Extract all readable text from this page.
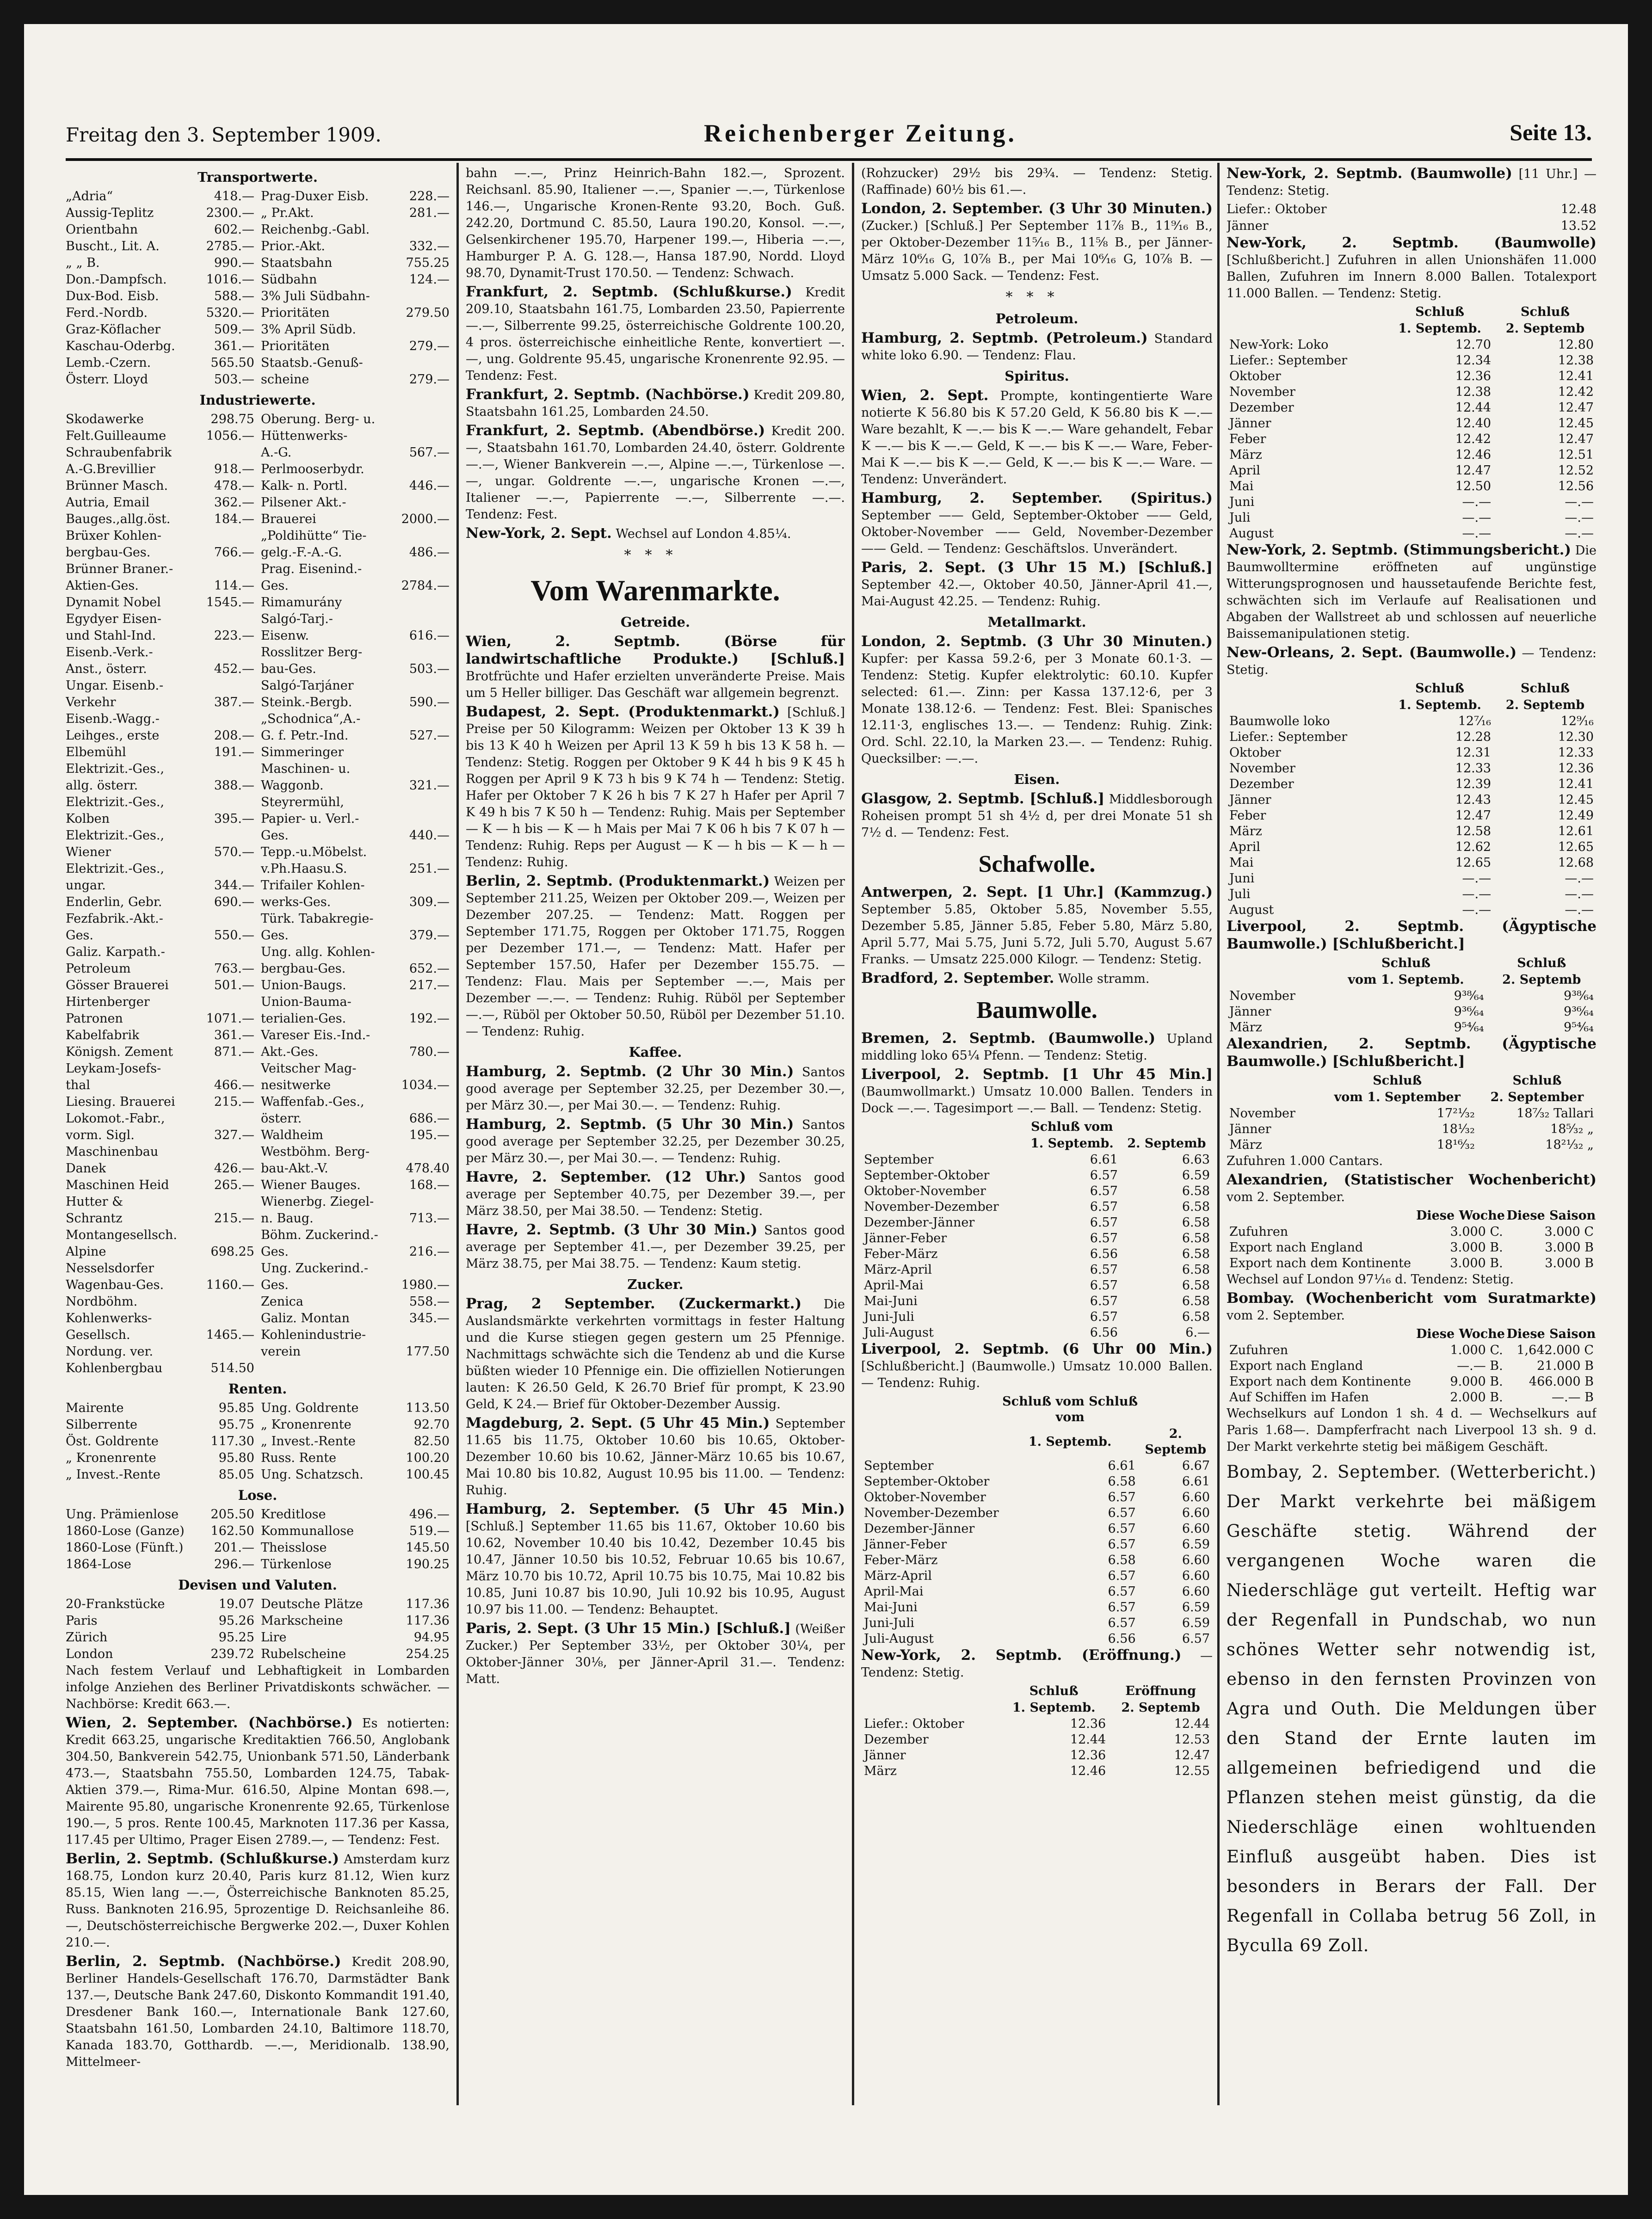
Freitag den 3. September 1909.	Reichenberger Zeitung.	Seite 13.
Transportwerte.
„Adria“	418.—
Aussig-Teplitz	2300.—
Orientbahn	602.—
Buscht., Lit. A.	2785.—
„ „ B.	990.—
Don.-Dampfsch.	1016.—
Dux-Bod. Eisb.	588.—
Ferd.-Nordb.	5320.—
Graz-Köflacher	509.—
Kaschau-Oderbg.	361.—
Lemb.-Czern.	565.50
Österr. Lloyd	503.—
Prag-Duxer Eisb.	228.—
„ Pr.Akt.	281.—
Reichenbg.-Gabl.
Prior.-Akt.	332.—
Staatsbahn	755.25
Südbahn	124.—
3% Juli Südbahn-
Prioritäten	279.50
3% April Südb.
Prioritäten	279.—
Staatsb.-Genuß-
scheine	279.—
Industriewerte.
Skodawerke	298.75
Felt.Guilleaume	1056.—
Schraubenfabrik
A.-G.Brevillier	918.—
Brünner Masch.	478.—
Autria, Email	362.—
Bauges.,allg.öst.	184.—
Brüxer Kohlen-
bergbau-Ges.	766.—
Brünner Braner.-
Aktien-Ges.	114.—
Dynamit Nobel	1545.—
Egydyer Eisen-
und Stahl-Ind.	223.—
Eisenb.-Verk.-
Anst., österr.	452.—
Ungar. Eisenb.-
Verkehr	387.—
Eisenb.-Wagg.-
Leihges., erste	208.—
Elbemühl	191.—
Elektrizit.-Ges.,
allg. österr.	388.—
Elektrizit.-Ges.,
Kolben	395.—
Elektrizit.-Ges.,
Wiener	570.—
Elektrizit.-Ges.,
ungar.	344.—
Enderlin, Gebr.	690.—
Fezfabrik.-Akt.-
Ges.	550.—
Galiz. Karpath.-
Petroleum	763.—
Gösser Brauerei	501.—
Hirtenberger
Patronen	1071.—
Kabelfabrik	361.—
Königsh. Zement	871.—
Leykam-Josefs-
thal	466.—
Liesing. Brauerei	215.—
Lokomot.-Fabr.,
vorm. Sigl.	327.—
Maschinenbau
Danek	426.—
Maschinen Heid	265.—
Hutter &
Schrantz	215.—
Montangesellsch.
Alpine	698.25
Nesselsdorfer
Wagenbau-Ges.	1160.—
Nordböhm.
Kohlenwerks-
Gesellsch.	1465.—
Nordung. ver.
Kohlenbergbau	514.50
Oberung. Berg- u.
Hüttenwerks-
A.-G.	567.—
Perlmooserbydr.
Kalk- n. Portl.	446.—
Pilsener Akt.-
Brauerei	2000.—
„Poldihütte“ Tie-
gelg.-F.-A.-G.	486.—
Prag. Eisenind.-
Ges.	2784.—
Rimamurány
Salgó-Tarj.-
Eisenw.	616.—
Rosslitzer Berg-
bau-Ges.	503.—
Salgó-Tarjáner
Steink.-Bergb.	590.—
„Schodnica“,A.-
G. f. Petr.-Ind.	527.—
Simmeringer
Maschinen- u.
Waggonb.	321.—
Steyrermühl,
Papier- u. Verl.-
Ges.	440.—
Tepp.-u.Möbelst.
v.Ph.Haasu.S.	251.—
Trifailer Kohlen-
werks-Ges.	309.—
Türk. Tabakregie-
Ges.	379.—
Ung. allg. Kohlen-
bergbau-Ges.	652.—
Union-Baugs.	217.—
Union-Bauma-
terialien-Ges.	192.—
Vareser Eis.-Ind.-
Akt.-Ges.	780.—
Veitscher Mag-
nesitwerke	1034.—
Waffenfab.-Ges.,
österr.	686.—
Waldheim	195.—
Westböhm. Berg-
bau-Akt.-V.	478.40
Wiener Bauges.	168.—
Wienerbg. Ziegel-
n. Baug.	713.—
Böhm. Zuckerind.-
Ges.	216.—
Ung. Zuckerind.-
Ges.	1980.—
Zenica	558.—
Galiz. Montan	345.—
Kohlenindustrie-
verein	177.50
Renten.
Mairente	95.85
Silberrente	95.75
Öst. Goldrente	117.30
„ Kronenrente	95.80
„ Invest.-Rente	85.05
Ung. Goldrente	113.50
„ Kronenrente	92.70
„ Invest.-Rente	82.50
Russ. Rente	100.20
Ung. Schatzsch.	100.45
Lose.
Ung. Prämienlose	205.50
1860-Lose (Ganze) 162.50
1860-Lose (Fünft.) 201.—
1864-Lose	296.—
Kreditlose	496.—
Kommunallose	519.—
Theisslose	145.50
Türkenlose	190.25
Devisen und Valuten.
20-Frankstücke	19.07
Paris	95.26
Zürich	95.25
London	239.72
Deutsche Plätze	117.36
Markscheine	117.36
Lire	94.95
Rubelscheine	254.25

Nach festem Verlauf und Lebhaftigkeit in Lombarden infolge Anziehen des Berliner Privatdiskonts schwächer. — Nachbörse: Kredit 663.—.

Wien, 2. September. (Nachbörse.) Es notierten: Kredit 663.25, ungarische Kreditaktien 766.50, Anglobank 304.50, Bankverein 542.75, Unionbank 571.50, Länderbank 473.—, Staatsbahn 755.50, Lombarden 124.75, Tabak-Aktien 379.—, Rima-Mur. 616.50, Alpine Montan 698.—, Mairente 95.80, ungarische Kronenrente 92.65, Türkenlose 190.—, 5 pros. Rente 100.45, Marknoten 117.36 per Kassa, 117.45 per Ultimo, Prager Eisen 2789.—, — Tendenz: Fest.

Berlin, 2. Septmb. (Schlußkurse.) Amsterdam kurz 168.75, London kurz 20.40, Paris kurz 81.12, Wien kurz 85.15, Wien lang —.—, Österreichische Banknoten 85.25, Russ. Banknoten 216.95, 5prozentige D. Reichsanleihe 86.—, Deutschösterreichische Bergwerke 202.—, Duxer Kohlen 210.—.

Berlin, 2. Septmb. (Nachbörse.) Kredit 208.90, Berliner Handels-Gesellschaft 176.70, Darmstädter Bank 137.—, Deutsche Bank 247.60, Diskonto Kommandit 191.40, Dresdener Bank 160.—, Internationale Bank 127.60, Staatsbahn 161.50, Lombarden 24.10, Baltimore 118.70, Kanada 183.70, Gotthardb. —.—, Meridionalb. 138.90, Mittelmeer-

bahn —.—, Prinz Heinrich-Bahn 182.—, Sprozent. Reichsanl. 85.90, Italiener —.—, Spanier —.—, Türkenlose 146.—, Ungarische Kronen-Rente 93.20, Boch. Guß. 242.20, Dortmund C. 85.50, Laura 190.20, Konsol. —.—, Gelsenkirchener 195.70, Harpener 199.—, Hiberia —.—, Hamburger P. A. G. 128.—, Hansa 187.90, Nordd. Lloyd 98.70, Dynamit-Trust 170.50. — Tendenz: Schwach.

Frankfurt, 2. Septmb. (Schlußkurse.) Kredit 209.10, Staatsbahn 161.75, Lombarden 23.50, Papierrente —.—, Silberrente 99.25, österreichische Goldrente 100.20, 4 pros. österreichische einheitliche Rente, konvertiert —.—, ung. Goldrente 95.45, ungarische Kronenrente 92.95. — Tendenz: Fest.

Frankfurt, 2. Septmb. (Nachbörse.) Kredit 209.80, Staatsbahn 161.25, Lombarden 24.50.

Frankfurt, 2. Septmb. (Abendbörse.) Kredit 200.—, Staatsbahn 161.70, Lombarden 24.40, österr. Goldrente —.—, Wiener Bankverein —.—, Alpine —.—, Türkenlose —.—, ungar. Goldrente —.—, ungarische Kronen —.—, Italiener —.—, Papierrente —.—, Silberrente —.—. Tendenz: Fest.

New-York, 2. Sept. Wechsel auf London 4.85¼.

***
Vom Warenmarkte.
Getreide.

Wien, 2. Septmb. (Börse für landwirtschaftliche Produkte.) [Schluß.] Brotfrüchte und Hafer erzielten unveränderte Preise. Mais um 5 Heller billiger. Das Geschäft war allgemein begrenzt.

Budapest, 2. Sept. (Produktenmarkt.) [Schluß.] Preise per 50 Kilogramm: Weizen per Oktober 13 K 39 h bis 13 K 40 h Weizen per April 13 K 59 h bis 13 K 58 h. — Tendenz: Stetig. Roggen per Oktober 9 K 44 h bis 9 K 45 h Roggen per April 9 K 73 h bis 9 K 74 h — Tendenz: Stetig. Hafer per Oktober 7 K 26 h bis 7 K 27 h Hafer per April 7 K 49 h bis 7 K 50 h — Tendenz: Ruhig. Mais per September — K — h bis — K — h Mais per Mai 7 K 06 h bis 7 K 07 h — Tendenz: Ruhig. Reps per August — K — h bis — K — h — Tendenz: Ruhig.

Berlin, 2. Septmb. (Produktenmarkt.) Weizen per September 211.25, Weizen per Oktober 209.—, Weizen per Dezember 207.25. — Tendenz: Matt. Roggen per September 171.75, Roggen per Oktober 171.75, Roggen per Dezember 171.—, — Tendenz: Matt. Hafer per September 157.50, Hafer per Dezember 155.75. — Tendenz: Flau. Mais per September —.—, Mais per Dezember —.—. — Tendenz: Ruhig. Rüböl per September —.—, Rüböl per Oktober 50.50, Rüböl per Dezember 51.10. — Tendenz: Ruhig.

Kaffee.

Hamburg, 2. Septmb. (2 Uhr 30 Min.) Santos good average per September 32.25, per Dezember 30.—, per März 30.—, per Mai 30.—. — Tendenz: Ruhig.

Hamburg, 2. Septmb. (5 Uhr 30 Min.) Santos good average per September 32.25, per Dezember 30.25, per März 30.—, per Mai 30.—. — Tendenz: Ruhig.

Havre, 2. September. (12 Uhr.) Santos good average per September 40.75, per Dezember 39.—, per März 38.50, per Mai 38.50. — Tendenz: Stetig.

Havre, 2. Septmb. (3 Uhr 30 Min.) Santos good average per September 41.—, per Dezember 39.25, per März 38.75, per Mai 38.75. — Tendenz: Kaum stetig.

Zucker.

Prag, 2 September. (Zuckermarkt.) Die Auslandsmärkte verkehrten vormittags in fester Haltung und die Kurse stiegen gegen gestern um 25 Pfennige. Nachmittags schwächte sich die Tendenz ab und die Kurse büßten wieder 10 Pfennige ein. Die offiziellen Notierungen lauten: K 26.50 Geld, K 26.70 Brief für prompt, K 23.90 Geld, K 24.— Brief für Oktober-Dezember Aussig.

Magdeburg, 2. Sept. (5 Uhr 45 Min.) September 11.65 bis 11.75, Oktober 10.60 bis 10.65, Oktober-Dezember 10.60 bis 10.62, Jänner-März 10.65 bis 10.67, Mai 10.80 bis 10.82, August 10.95 bis 11.00. — Tendenz: Ruhig.

Hamburg, 2. September. (5 Uhr 45 Min.) [Schluß.] September 11.65 bis 11.67, Oktober 10.60 bis 10.62, November 10.40 bis 10.42, Dezember 10.45 bis 10.47, Jänner 10.50 bis 10.52, Februar 10.65 bis 10.67, März 10.70 bis 10.72, April 10.75 bis 10.75, Mai 10.82 bis 10.85, Juni 10.87 bis 10.90, Juli 10.92 bis 10.95, August 10.97 bis 11.00. — Tendenz: Behauptet.

Paris, 2. Sept. (3 Uhr 15 Min.) [Schluß.] (Weißer Zucker.) Per September 33½, per Oktober 30¼, per Oktober-Jänner 30⅛, per Jänner-April 31.—. Tendenz: Matt.

(Rohzucker) 29½ bis 29¾. — Tendenz: Stetig. (Raffinade) 60½ bis 61.—.

London, 2. September. (3 Uhr 30 Minuten.) (Zucker.) [Schluß.] Per September 11⅞ B., 11⁹⁄₁₆ B., per Oktober-Dezember 11⁵⁄₁₆ B., 11⅝ B., per Jänner-März 10⁶⁄₁₆ G, 10⅞ B., per Mai 10⁶⁄₁₆ G, 10⅞ B. — Umsatz 5.000 Sack. — Tendenz: Fest.

***
Petroleum.

Hamburg, 2. Septmb. (Petroleum.) Standard white loko 6.90. — Tendenz: Flau.

Spiritus.

Wien, 2. Sept. Prompte, kontingentierte Ware notierte K 56.80 bis K 57.20 Geld, K 56.80 bis K —.— Ware bezahlt, K —.— bis K —.— Ware gehandelt, Febar K —.— bis K —.— Geld, K —.— bis K —.— Ware, Feber-Mai K —.— bis K —.— Geld, K —.— bis K —.— Ware. — Tendenz: Unverändert.

Hamburg, 2. September. (Spiritus.) September —— Geld, September-Oktober —— Geld, Oktober-November —— Geld, November-Dezember —— Geld. — Tendenz: Geschäftslos. Unverändert.

Paris, 2. Sept. (3 Uhr 15 M.) [Schluß.] September 42.—, Oktober 40.50, Jänner-April 41.—, Mai-August 42.25. — Tendenz: Ruhig.

Metallmarkt.

London, 2. Septmb. (3 Uhr 30 Minuten.) Kupfer: per Kassa 59.2·6, per 3 Monate 60.1·3. — Tendenz: Stetig. Kupfer elektrolytic: 60.10. Kupfer selected: 61.—. Zinn: per Kassa 137.12·6, per 3 Monate 138.12·6. — Tendenz: Fest. Blei: Spanisches 12.11·3, englisches 13.—. — Tendenz: Ruhig. Zink: Ord. Schl. 22.10, la Marken 23.—. — Tendenz: Ruhig. Quecksilber: —.—.

Eisen.

Glasgow, 2. Septmb. [Schluß.] Middlesborough Roheisen prompt 51 sh 4½ d, per drei Monate 51 sh 7½ d. — Tendenz: Fest.

Schafwolle.

Antwerpen, 2. Sept. [1 Uhr.] (Kammzug.) September 5.85, Oktober 5.85, November 5.55, Dezember 5.85, Jänner 5.85, Feber 5.80, März 5.80, April 5.77, Mai 5.75, Juni 5.72, Juli 5.70, August 5.67 Franks. — Umsatz 225.000 Kilogr. — Tendenz: Stetig.

Bradford, 2. September. Wolle stramm.

Baumwolle.

Bremen, 2. Septmb. (Baumwolle.) Upland middling loko 65¼ Pfenn. — Tendenz: Stetig.

Liverpool, 2. Septmb. [1 Uhr 45 Min.] (Baumwollmarkt.) Umsatz 10.000 Ballen. Tenders in Dock —.—. Tagesimport —.— Ball. — Tendenz: Stetig.

	Schluß vom	
	1. Septemb.	2. Septemb
September	6.61	6.63
September-Oktober	6.57	6.59
Oktober-November	6.57	6.58
November-Dezember	6.57	6.58
Dezember-Jänner	6.57	6.58
Jänner-Feber	6.57	6.58
Feber-März	6.56	6.58
März-April	6.57	6.58
April-Mai	6.57	6.58
Mai-Juni	6.57	6.58
Juni-Juli	6.57	6.58
Juli-August	6.56	6.—

Liverpool, 2. Septmb. (6 Uhr 00 Min.) [Schlußbericht.] (Baumwolle.) Umsatz 10.000 Ballen. — Tendenz: Ruhig.

	Schluß vom Schluß vom	
	1. Septemb.	2. Septemb
September	6.61	6.67
September-Oktober	6.58	6.61
Oktober-November	6.57	6.60
November-Dezember	6.57	6.60
Dezember-Jänner	6.57	6.60
Jänner-Feber	6.57	6.59
Feber-März	6.58	6.60
März-April	6.57	6.60
April-Mai	6.57	6.60
Mai-Juni	6.57	6.59
Juni-Juli	6.57	6.59
Juli-August	6.56	6.57

New-York, 2. Septmb. (Eröffnung.) — Tendenz: Stetig.

	Schluß	Eröffnung
	1. Septemb.	2. Septemb
Liefer.: Oktober	12.36	12.44
Dezember	12.44	12.53
Jänner	12.36	12.47
März	12.46	12.55

New-York, 2. Septmb. (Baumwolle) [11 Uhr.] — Tendenz: Stetig.

Liefer.: Oktober	12.48
Jänner	13.52

New-York, 2. Septmb. (Baumwolle) [Schlußbericht.] Zufuhren in allen Unionshäfen 11.000 Ballen, Zufuhren im Innern 8.000 Ballen. Totalexport 11.000 Ballen. — Tendenz: Stetig.

	Schluß	Schluß
	1. Septemb.	2. Septemb
New-York: Loko	12.70	12.80
Liefer.: September	12.34	12.38
Oktober	12.36	12.41
November	12.38	12.42
Dezember	12.44	12.47
Jänner	12.40	12.45
Feber	12.42	12.47
März	12.46	12.51
April	12.47	12.52
Mai	12.50	12.56
Juni	—.—	—.—
Juli	—.—	—.—
August	—.—	—.—

New-York, 2. Septmb. (Stimmungsbericht.) Die Baumwolltermine eröffneten auf ungünstige Witterungsprognosen und haussetaufende Berichte fest, schwächten sich im Verlaufe auf Realisationen und Abgaben der Wallstreet ab und schlossen auf neuerliche Baissemanipulationen stetig.

New-Orleans, 2. Sept. (Baumwolle.) — Tendenz: Stetig.

	Schluß	Schluß
	1. Septemb.	2. Septemb
Baumwolle loko	12⁷⁄₁₆	12⁹⁄₁₆
Liefer.: September	12.28	12.30
Oktober	12.31	12.33
November	12.33	12.36
Dezember	12.39	12.41
Jänner	12.43	12.45
Feber	12.47	12.49
März	12.58	12.61
April	12.62	12.65
Mai	12.65	12.68
Juni	—.—	—.—
Juli	—.—	—.—
August	—.—	—.—

Liverpool, 2. Septmb. (Ägyptische Baumwolle.) [Schlußbericht.]

	Schluß	Schluß
	vom 1. Septemb.	2. Septemb
November	9³⁸⁄₆₄	9³⁸⁄₆₄
Jänner	9³⁶⁄₆₄	9³⁶⁄₆₄
März	9⁵⁴⁄₆₄	9⁵⁴⁄₆₄

Alexandrien, 2. Septmb. (Ägyptische Baumwolle.) [Schlußbericht.]

	Schluß	Schluß
	vom 1. September	2. September
November	17²¹⁄₃₂	18⁷⁄₃₂ Tallari
Jänner	18¹⁄₃₂	18⁵⁄₃₂ „
März	18¹⁶⁄₃₂	18²¹⁄₃₂ „

Zufuhren 1.000 Cantars.

Alexandrien, (Statistischer Wochenbericht) vom 2. September.

	Diese Woche	Diese Saison
Zufuhren	3.000 C.	3.000 C
Export nach England	3.000 B.	3.000 B
Export nach dem Kontinente	3.000 B.	3.000 B

Wechsel auf London 97¹⁄₁₆ d. Tendenz: Stetig.

Bombay. (Wochenbericht vom Suratmarkte) vom 2. September.

	Diese Woche	Diese Saison
Zufuhren	1.000 C.	1,642.000 C
Export nach England	—.— B.	21.000 B
Export nach dem Kontinente	9.000 B.	466.000 B
Auf Schiffen im Hafen	2.000 B.	—.— B

Wechselkurs auf London 1 sh. 4 d. — Wechselkurs auf Paris 1.68—. Dampferfracht nach Liverpool 13 sh. 9 d. Der Markt verkehrte stetig bei mäßigem Geschäft.

Bombay, 2. September. (Wetterbericht.) Der Markt verkehrte bei mäßigem Geschäfte stetig. Während der vergangenen Woche waren die Niederschläge gut verteilt. Heftig war der Regenfall in Pundschab, wo nun schönes Wetter sehr notwendig ist, ebenso in den fernsten Provinzen von Agra und Outh. Die Meldungen über den Stand der Ernte lauten im allgemeinen befriedigend und die Pflanzen stehen meist günstig, da die Niederschläge einen wohltuenden Einfluß ausgeübt haben. Dies ist besonders in Berars der Fall. Der Regenfall in Collaba betrug 56 Zoll, in Byculla 69 Zoll.
